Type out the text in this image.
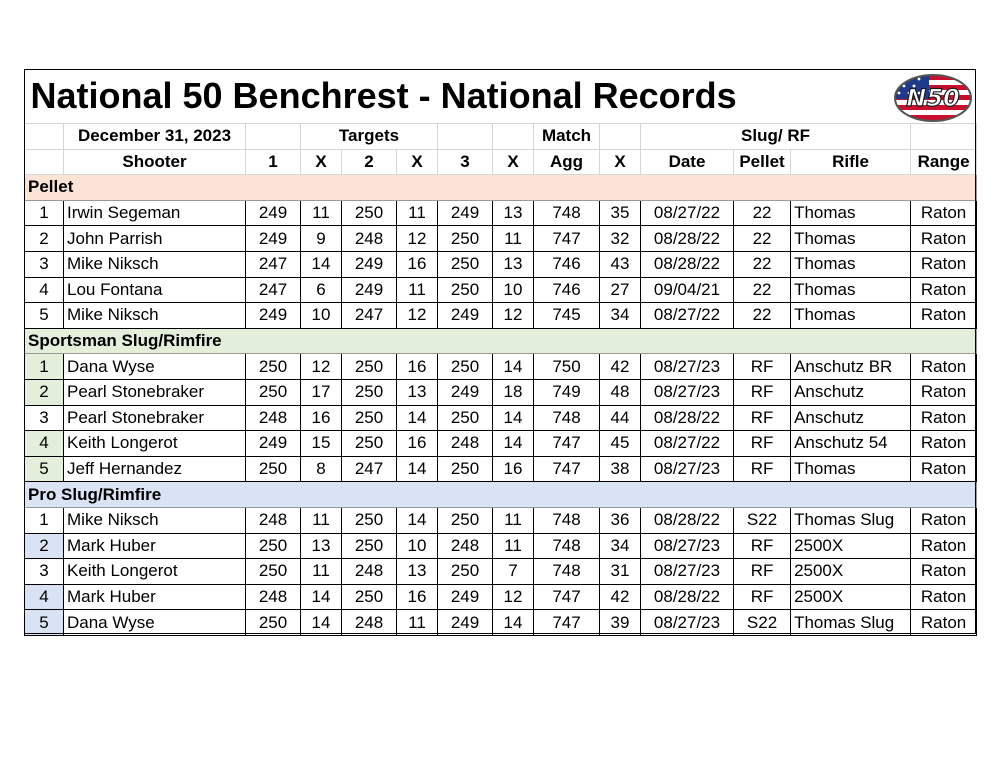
National 50 Benchrest - National Records												N50	

	December 31, 2023		Targets					Match		Slug/ RF			
	Shooter	1	X	2	X	3	X	Agg	X	Date	Pellet	Rifle	Range
Pellet													
1	Irwin Segeman	249	11	250	11	249	13	748	35	08/27/22	22	Thomas	Raton
2	John Parrish	249	9	248	12	250	11	747	32	08/28/22	22	Thomas	Raton
3	Mike Niksch	247	14	249	16	250	13	746	43	08/28/22	22	Thomas	Raton
4	Lou Fontana	247	6	249	11	250	10	746	27	09/04/21	22	Thomas	Raton
5	Mike Niksch	249	10	247	12	249	12	745	34	08/27/22	22	Thomas	Raton
Sportsman Slug/Rimfire													
1	Dana Wyse	250	12	250	16	250	14	750	42	08/27/23	RF	Anschutz BR	Raton
2	Pearl Stonebraker	250	17	250	13	249	18	749	48	08/27/23	RF	Anschutz	Raton
3	Pearl Stonebraker	248	16	250	14	250	14	748	44	08/28/22	RF	Anschutz	Raton
4	Keith Longerot	249	15	250	16	248	14	747	45	08/27/22	RF	Anschutz 54	Raton
5	Jeff Hernandez	250	8	247	14	250	16	747	38	08/27/23	RF	Thomas	Raton
Pro Slug/Rimfire													
1	Mike Niksch	248	11	250	14	250	11	748	36	08/28/22	S22	Thomas Slug	Raton
2	Mark Huber	250	13	250	10	248	11	748	34	08/27/23	RF	2500X	Raton
3	Keith Longerot	250	11	248	13	250	7	748	31	08/27/23	RF	2500X	Raton
4	Mark Huber	248	14	250	16	249	12	747	42	08/28/22	RF	2500X	Raton
5	Dana Wyse	250	14	248	11	249	14	747	39	08/27/23	S22	Thomas Slug	Raton
